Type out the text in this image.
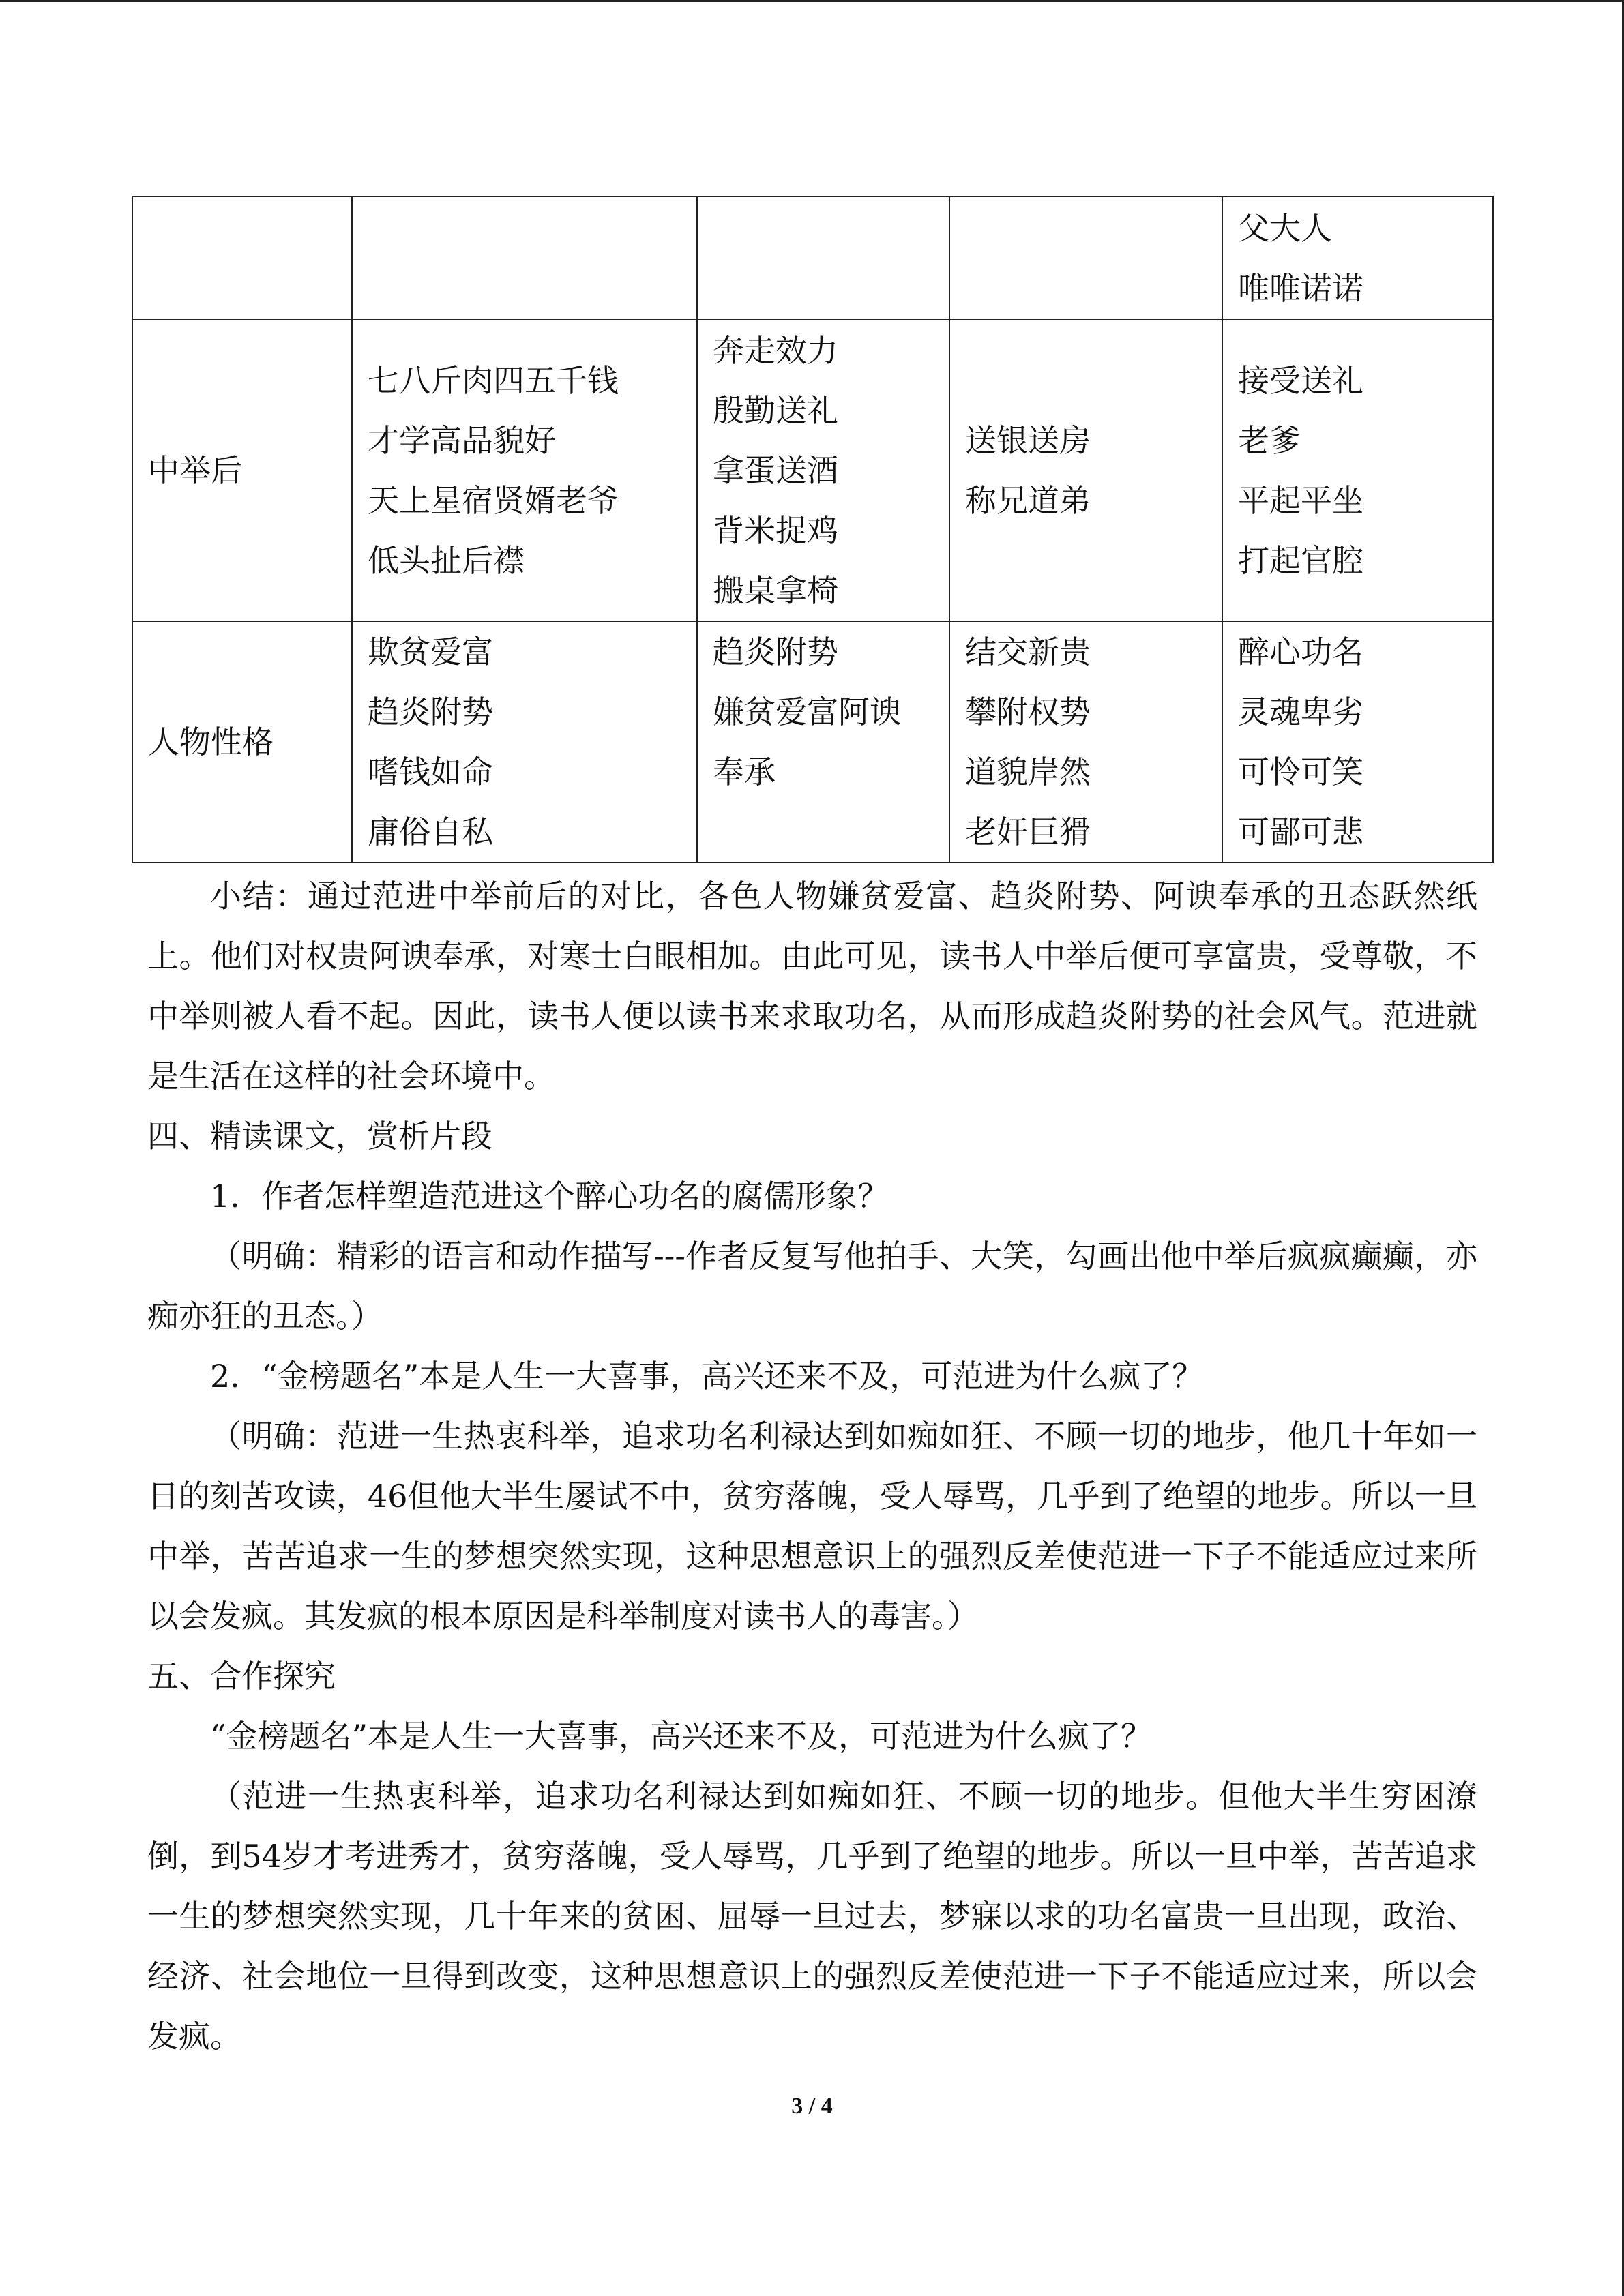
				父大人
唯唯诺诺

中举后	七八斤肉四五千钱
才学高品貌好
天上星宿贤婿老爷
低头扯后襟	奔走效力
殷勤送礼
拿蛋送酒
背米捉鸡
搬桌拿椅	送银送房
称兄道弟	接受送礼
老爹
平起平坐
打起官腔

人物性格	欺贫爱富
趋炎附势
嗜钱如命
庸俗自私	趋炎附势
嫌贫爱富阿谀
奉承	结交新贵
攀附权势
道貌岸然
老奸巨猾	醉心功名
灵魂卑劣
可怜可笑
可鄙可悲

小结：通过范进中举前后的对比，各色人物嫌贫爱富、趋炎附势、阿谀奉承的丑态跃然纸上。他们对权贵阿谀奉承，对寒士白眼相加。由此可见，读书人中举后便可享富贵，受尊敬，不中举则被人看不起。因此，读书人便以读书来求取功名，从而形成趋炎附势的社会风气。范进就是生活在这样的社会环境中。

四、精读课文，赏析片段

1．作者怎样塑造范进这个醉心功名的腐儒形象？

（明确：精彩的语言和动作描写---作者反复写他拍手、大笑，勾画出他中举后疯疯癫癫，亦痴亦狂的丑态。）

2．“金榜题名”本是人生一大喜事，高兴还来不及，可范进为什么疯了？

（明确：范进一生热衷科举，追求功名利禄达到如痴如狂、不顾一切的地步，他几十年如一日的刻苦攻读，46但他大半生屡试不中，贫穷落魄，受人辱骂，几乎到了绝望的地步。所以一旦中举，苦苦追求一生的梦想突然实现，这种思想意识上的强烈反差使范进一下子不能适应过来所以会发疯。其发疯的根本原因是科举制度对读书人的毒害。）

五、合作探究

“金榜题名”本是人生一大喜事，高兴还来不及，可范进为什么疯了？

（范进一生热衷科举，追求功名利禄达到如痴如狂、不顾一切的地步。但他大半生穷困潦倒，到54岁才考进秀才，贫穷落魄，受人辱骂，几乎到了绝望的地步。所以一旦中举，苦苦追求一生的梦想突然实现，几十年来的贫困、屈辱一旦过去，梦寐以求的功名富贵一旦出现，政治、经济、社会地位一旦得到改变，这种思想意识上的强烈反差使范进一下子不能适应过来，所以会发疯。

3 / 4
